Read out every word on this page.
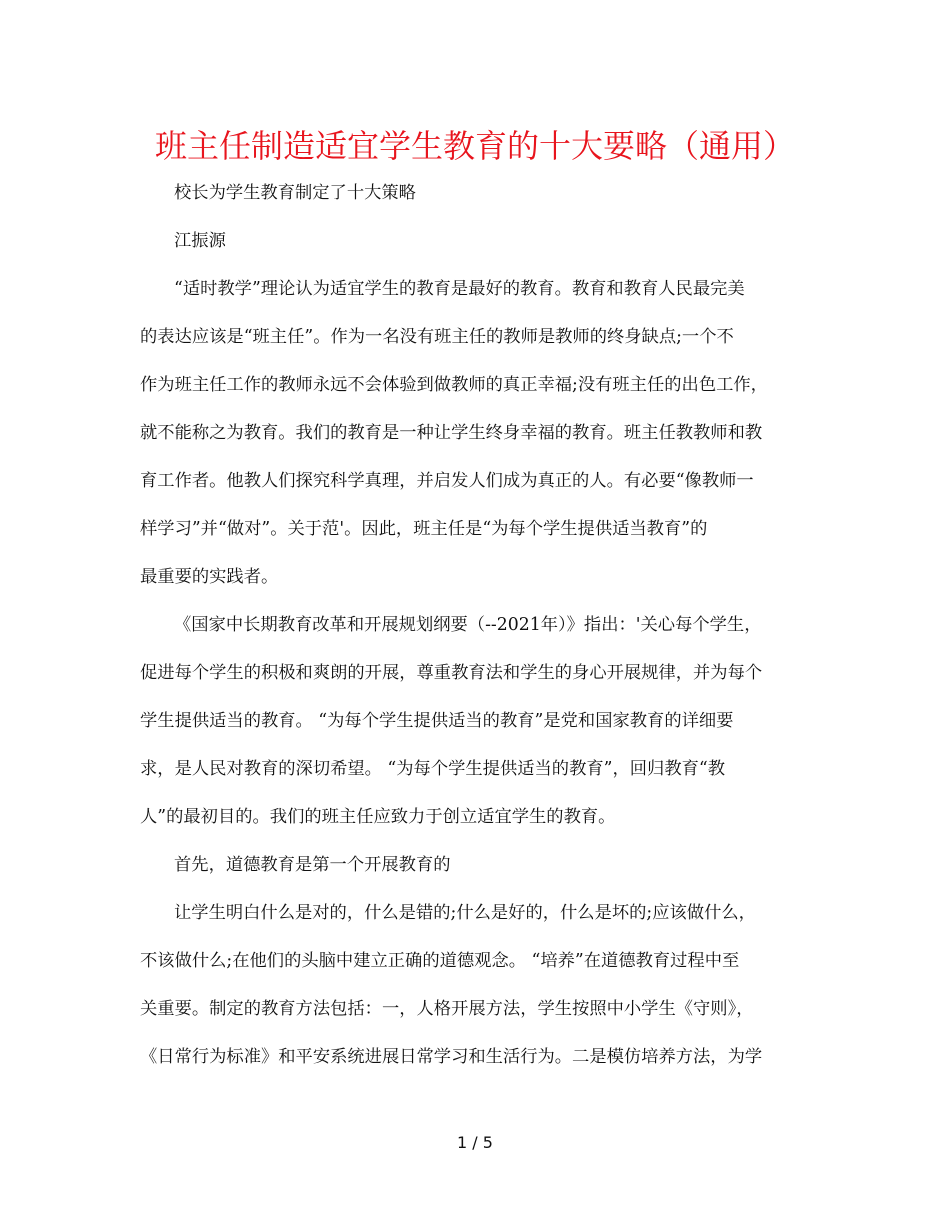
班主任制造适宜学生教育的十大要略（通用）

校长为学生教育制定了十大策略

江振源

“适时教学”理论认为适宜学生的教育是最好的教育。教育和教育人民最完美

的表达应该是“班主任”。作为一名没有班主任的教师是教师的终身缺点;一个不

作为班主任工作的教师永远不会体验到做教师的真正幸福;没有班主任的出色工作，

就不能称之为教育。我们的教育是一种让学生终身幸福的教育。班主任教教师和教

育工作者。他教人们探究科学真理，并启发人们成为真正的人。有必要“像教师一

样学习”并“做对”。关于范'。因此，班主任是“为每个学生提供适当教育”的

最重要的实践者。

《国家中长期教育改革和开展规划纲要（--2021年）》指出：'关心每个学生，

促进每个学生的积极和爽朗的开展，尊重教育法和学生的身心开展规律，并为每个

学生提供适当的教育。 “为每个学生提供适当的教育”是党和国家教育的详细要

求，是人民对教育的深切希望。 “为每个学生提供适当的教育”，回归教育“教

人”的最初目的。我们的班主任应致力于创立适宜学生的教育。

首先，道德教育是第一个开展教育的

让学生明白什么是对的，什么是错的;什么是好的，什么是坏的;应该做什么，

不该做什么;在他们的头脑中建立正确的道德观念。 “培养”在道德教育过程中至

关重要。制定的教育方法包括：一，人格开展方法，学生按照中小学生《守则》，

《日常行为标准》和平安系统进展日常学习和生活行为。二是模仿培养方法，为学

1 / 5
